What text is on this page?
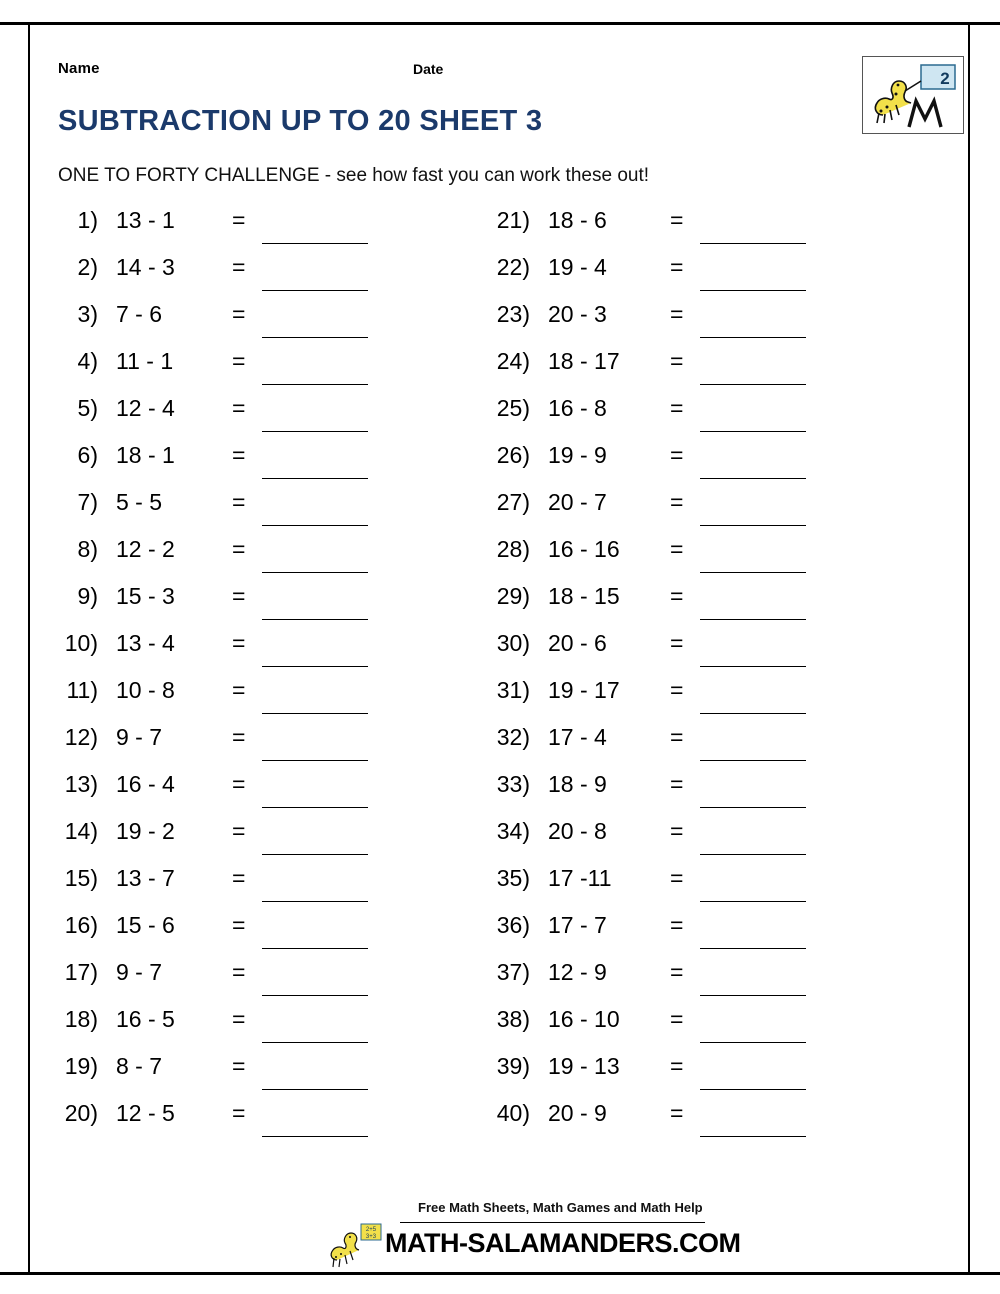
Name	Date
SUBTRACTION UP TO 20 SHEET 3
ONE TO FORTY CHALLENGE - see how fast you can work these out!
2
1) 13 - 1	=
2) 14 - 3	=
3) 7 - 6	=
4) 11 - 1	=
5) 12 - 4	=
6) 18 - 1	=
7) 5 - 5	=
8) 12 - 2	=
9) 15 - 3	=
10) 13 - 4	=
11) 10 - 8	=
12) 9 - 7	=
13) 16 - 4	=
14) 19 - 2	=
15) 13 - 7	=
16) 15 - 6	=
17) 9 - 7	=
18) 16 - 5	=
19) 8 - 7	=
20) 12 - 5	=
21) 18 - 6	=
22) 19 - 4	=
23) 20 - 3	=
24) 18 - 17	=
25) 16 - 8	=
26) 19 - 9	=
27) 20 - 7	=
28) 16 - 16	=
29) 18 - 15	=
30) 20 - 6	=
31) 19 - 17	=
32) 17 - 4	=
33) 18 - 9	=
34) 20 - 8	=
35) 17 -11	=
36) 17 - 7	=
37) 12 - 9	=
38) 16 - 10	=
39) 19 - 13	=
40) 20 - 9	=
2+5
3+3
Free Math Sheets, Math Games and Math Help
MATH-SALAMANDERS.COM
